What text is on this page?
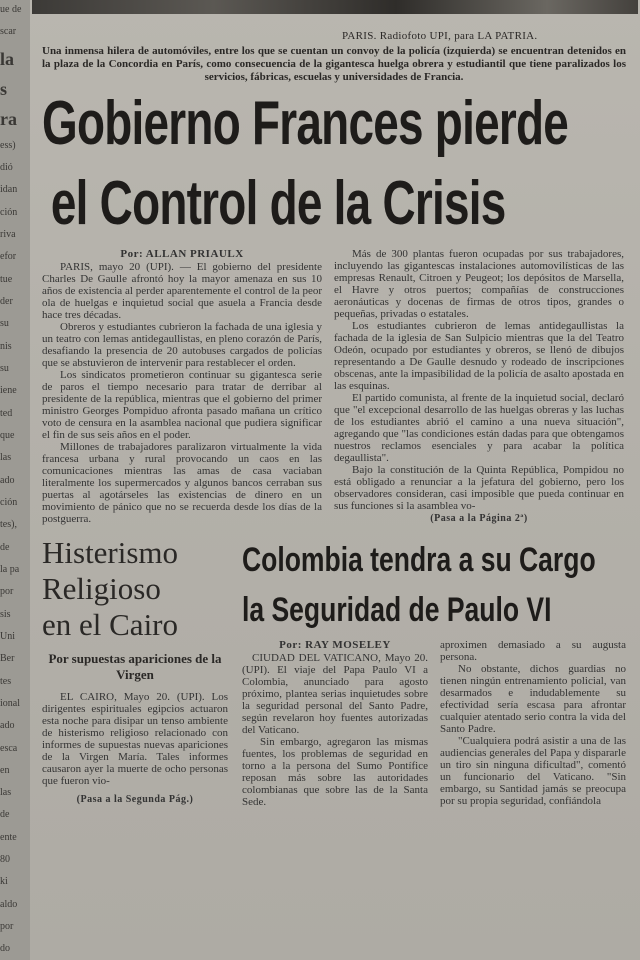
ue de
scar
la
s
ra
ess)
dió
idan
ción
riva
efor
tue
der
su
nis
su
iene
ted
que
las
ado
ción
tes),
de
la pa
por
sis
Uni
Ber
tes
ional
ado
esca
en
las
de
ente
80
ki
aldo
por
do
PARIS. Radiofoto UPI, para LA PATRIA.
Una inmensa hilera de automóviles, entre los que se cuentan un convoy de la policía (izquierda) se encuentran detenidos en la plaza de la Concordia en París, como consecuencia de la gigantesca huelga obrera y estudiantil que tiene paralizados los servicios, fábricas, escuelas y universidades de Francia.
Gobierno Frances pierde
el Control de la Crisis
Por: ALLAN PRIAULX

PARIS, mayo 20 (UPI). — El gobierno del presidente Charles De Gaulle afrontó hoy la mayor amenaza en sus 10 años de existencia al perder aparentemente el control de la peor ola de huelgas e inquietud social que asuela a Francia desde hace tres décadas.

Obreros y estudiantes cubrieron la fachada de una iglesia y un teatro con lemas antidegaullistas, en pleno corazón de París, desafiando la presencia de 20 autobuses cargados de policías que se abstuvieron de intervenir para restablecer el orden.

Los sindicatos prometieron continuar su gigantesca serie de paros el tiempo necesario para tratar de derribar al presidente de la república, mientras que el gobierno del primer ministro Georges Pompiduo afronta pasado mañana un crítico voto de censura en la asamblea nacional que pudiera significar el fin de sus seis años en el poder.

Millones de trabajadores paralizaron virtualmente la vida francesa urbana y rural provocando un caos en las comunicaciones mientras las amas de casa vaciaban literalmente los supermercados y algunos bancos cerraban sus puertas al agotárseles las existencias de dinero en un movimiento de pánico que no se recuerda desde los días de la postguerra.

Más de 300 plantas fueron ocupadas por sus trabajadores, incluyendo las gigantescas instalaciones automovilísticas de las empresas Renault, Citroen y Peugeot; los depósitos de Marsella, el Havre y otros puertos; compañías de construcciones aeronáuticas y docenas de firmas de otros tipos, grandes o pequeñas, privadas o estatales.

Los estudiantes cubrieron de lemas antidegaullistas la fachada de la iglesia de San Sulpicio mientras que la del Teatro Odeón, ocupado por estudiantes y obreros, se llenó de dibujos representando a De Gaulle desnudo y rodeado de inscripciones obscenas, ante la impasibilidad de la policía de asalto apostada en las esquinas.

El partido comunista, al frente de la inquietud social, declaró que "el excepcional desarrollo de las huelgas obreras y las luchas de los estudiantes abrió el camino a una nueva situación", agregando que "las condiciones están dadas para que obtengamos nuestros reclamos esenciales y para acabar la política degaullista".

Bajo la constitución de la Quinta República, Pompidou no está obligado a renunciar a la jefatura del gobierno, pero los observadores consideran, casi imposible que pueda continuar en sus funciones si la asamblea vo-

(Pasa a la Página 2ª)
Histerismo
Religioso
en el Cairo
Por supuestas apariciones de la Virgen

EL CAIRO, Mayo 20. (UPI). Los dirigentes espirituales egipcios actuaron esta noche para disipar un tenso ambiente de histerismo religioso relacionado con informes de supuestas nuevas apariciones de la Virgen María. Tales informes causaron ayer la muerte de ocho personas que fueron vio-

(Pasa a la Segunda Pág.)
Colombia tendra a su Cargo
la Seguridad de Paulo VI
Por: RAY MOSELEY

CIUDAD DEL VATICANO, Mayo 20. (UPI). El viaje del Papa Paulo VI a Colombia, anunciado para agosto próximo, plantea serias inquietudes sobre la seguridad personal del Santo Padre, según revelaron hoy fuentes autorizadas del Vaticano.

Sin embargo, agregaron las mismas fuentes, los problemas de seguridad en torno a la persona del Sumo Pontífice reposan más sobre las autoridades colombianas que sobre las de la Santa Sede.

aproximen demasiado a su augusta persona.

No obstante, dichos guardias no tienen ningún entrenamiento policial, van desarmados e indudablemente su efectividad sería escasa para afrontar cualquier atentado serio contra la vida del Santo Padre.

"Cualquiera podrá asistir a una de las audiencias generales del Papa y dispararle un tiro sin ninguna dificultad", comentó un funcionario del Vaticano. "Sin embargo, su Santidad jamás se preocupa por su propia seguridad, confiándola
